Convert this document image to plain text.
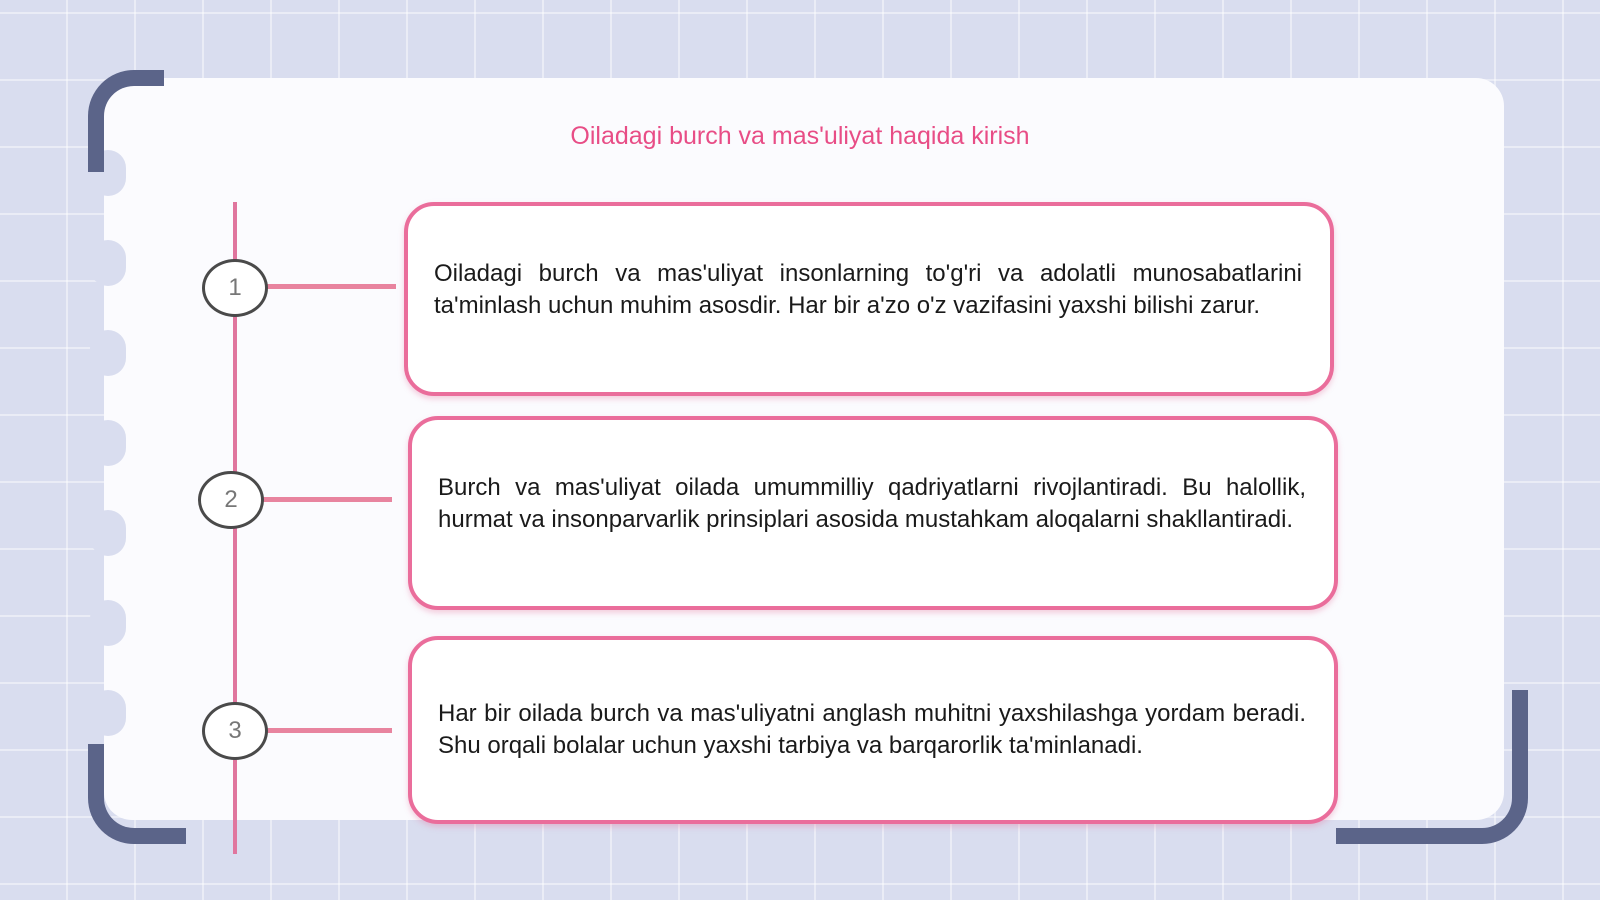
Oiladagi burch va mas'uliyat haqida kirish
1
2
3

Oiladagi burch va mas'uliyat insonlarning to'g'ri va adolatli munosabatlarini ta'minlash uchun muhim asosdir. Har bir a'zo o'z vazifasini yaxshi bilishi zarur.

Burch va mas'uliyat oilada umummilliy qadriyatlarni rivojlantiradi. Bu halollik, hurmat va insonparvarlik prinsiplari asosida mustahkam aloqalarni shakllantiradi.

Har bir oilada burch va mas'uliyatni anglash muhitni yaxshilashga yordam beradi. Shu orqali bolalar uchun yaxshi tarbiya va barqarorlik ta'minlanadi.
